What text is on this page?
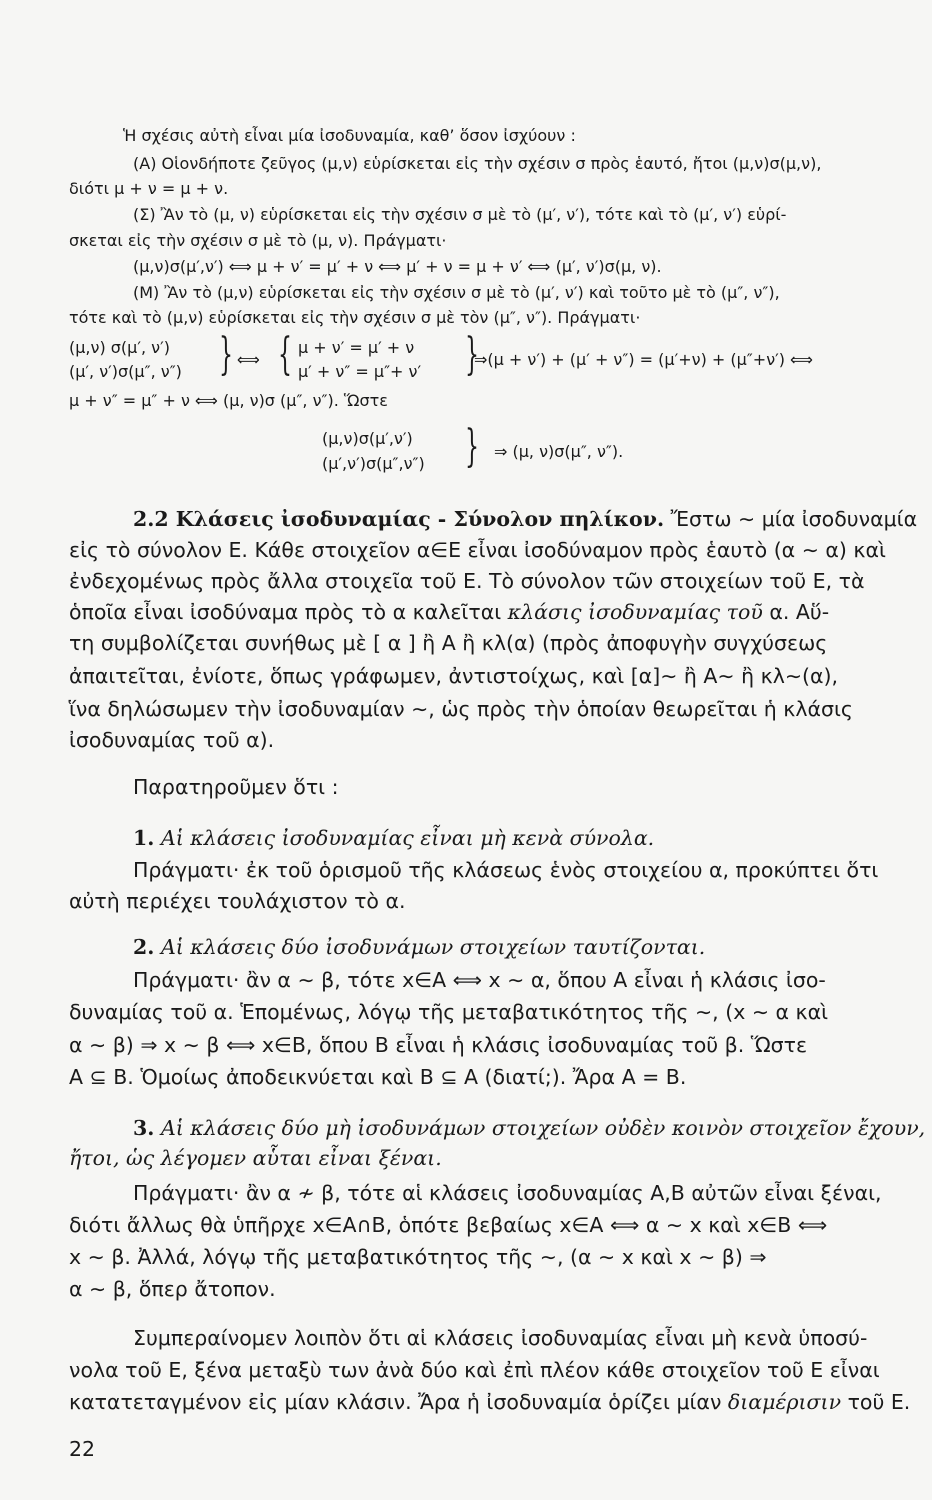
Ἡ σχέσις αὐτὴ εἶναι μία ἰσοδυναμία, καθ’ ὅσον ἰσχύουν :
(Α) Οἱονδήποτε ζεῦγος (μ,ν) εὑρίσκεται εἰς τὴν σχέσιν σ πρὸς ἑαυτό, ἤτοι (μ,ν)σ(μ,ν),
διότι μ + ν = μ + ν.
(Σ) Ἂν τὸ (μ, ν) εὑρίσκεται εἰς τὴν σχέσιν σ μὲ τὸ (μ′, ν′), τότε καὶ τὸ (μ′, ν′) εὑρί-
σκεται εἰς τὴν σχέσιν σ μὲ τὸ (μ, ν). Πράγματι·
(μ,ν)σ(μ′,ν′) ⟺ μ + ν′ = μ′ + ν ⟺ μ′ + ν = μ + ν′ ⟺ (μ′, ν′)σ(μ, ν).
(Μ) Ἂν τὸ (μ,ν) εὑρίσκεται εἰς τὴν σχέσιν σ μὲ τὸ (μ′, ν′) καὶ τοῦτο μὲ τὸ (μ″, ν″),
τότε καὶ τὸ (μ,ν) εὑρίσκεται εἰς τὴν σχέσιν σ μὲ τὸν (μ″, ν″). Πράγματι·
(μ,ν) σ(μ′, ν′)
(μ′, ν′)σ(μ″, ν″) } ⟺ { μ + ν′ = μ′ + ν
μ′ + ν″ = μ″+ ν′ }
⇒(μ + ν′) + (μ′ + ν″) = (μ′+ν) + (μ″+ν′) ⟺
μ + ν″ = μ″ + ν ⟺ (μ, ν)σ (μ″, ν″). Ὥστε
(μ,ν)σ(μ′,ν′)
(μ′,ν′)σ(μ″,ν″) } ⇒ (μ, ν)σ(μ″, ν″).
2.2 Κλάσεις ἰσοδυναμίας - Σύνολον πηλίκον. Ἔστω ∼ μία ἰσοδυναμία
εἰς τὸ σύνολον Ε. Κάθε στοιχεῖον α∈Ε εἶναι ἰσοδύναμον πρὸς ἑαυτὸ (α ∼ α) καὶ
ἐνδεχομένως πρὸς ἄλλα στοιχεῖα τοῦ Ε. Τὸ σύνολον τῶν στοιχείων τοῦ Ε, τὰ
ὁποῖα εἶναι ἰσοδύναμα πρὸς τὸ α καλεῖται κλάσις ἰσοδυναμίας τοῦ α. Αὕ-
τη συμβολίζεται συνήθως μὲ [ α ] ἢ Α ἢ κλ(α) (πρὸς ἀποφυγὴν συγχύσεως
ἀπαιτεῖται, ἐνίοτε, ὅπως γράφωμεν, ἀντιστοίχως, καὶ [α]∼ ἢ Α∼ ἢ κλ∼(α),
ἵνα δηλώσωμεν τὴν ἰσοδυναμίαν ∼, ὡς πρὸς τὴν ὁποίαν θεωρεῖται ἡ κλάσις
ἰσοδυναμίας τοῦ α).
Παρατηροῦμεν ὅτι :
1. Αἱ κλάσεις ἰσοδυναμίας εἶναι μὴ κενὰ σύνολα.
Πράγματι· ἐκ τοῦ ὁρισμοῦ τῆς κλάσεως ἑνὸς στοιχείου α, προκύπτει ὅτι
αὐτὴ περιέχει τουλάχιστον τὸ α.
2. Αἱ κλάσεις δύο ἰσοδυνάμων στοιχείων ταυτίζονται.
Πράγματι· ἂν α ∼ β, τότε x∈Α ⟺ x ∼ α, ὅπου Α εἶναι ἡ κλάσις ἰσο-
δυναμίας τοῦ α. Ἑπομένως, λόγῳ τῆς μεταβατικότητος τῆς ∼, (x ∼ α καὶ
α ∼ β) ⇒ x ∼ β ⟺ x∈Β, ὅπου Β εἶναι ἡ κλάσις ἰσοδυναμίας τοῦ β. Ὥστε
Α ⊆ Β. Ὁμοίως ἀποδεικνύεται καὶ Β ⊆ Α (διατί;). Ἄρα Α = Β.
3. Αἱ κλάσεις δύο μὴ ἰσοδυνάμων στοιχείων οὐδὲν κοινὸν στοιχεῖον ἔχουν,
ἤτοι, ὡς λέγομεν αὗται εἶναι ξέναι.
Πράγματι· ἂν α ≁ β, τότε αἱ κλάσεις ἰσοδυναμίας Α,Β αὐτῶν εἶναι ξέναι,
διότι ἄλλως θὰ ὑπῆρχε x∈Α∩Β, ὁπότε βεβαίως x∈Α ⟺ α ∼ x καὶ x∈Β ⟺
x ∼ β. Ἀλλά, λόγῳ τῆς μεταβατικότητος τῆς ∼, (α ∼ x καὶ x ∼ β) ⇒
α ∼ β, ὅπερ ἄτοπον.
Συμπεραίνομεν λοιπὸν ὅτι αἱ κλάσεις ἰσοδυναμίας εἶναι μὴ κενὰ ὑποσύ-
νολα τοῦ Ε, ξένα μεταξὺ των ἀνὰ δύο καὶ ἐπὶ πλέον κάθε στοιχεῖον τοῦ Ε εἶναι
κατατεταγμένον εἰς μίαν κλάσιν. Ἄρα ἡ ἰσοδυναμία ὁρίζει μίαν διαμέρισιν τοῦ Ε.
22
